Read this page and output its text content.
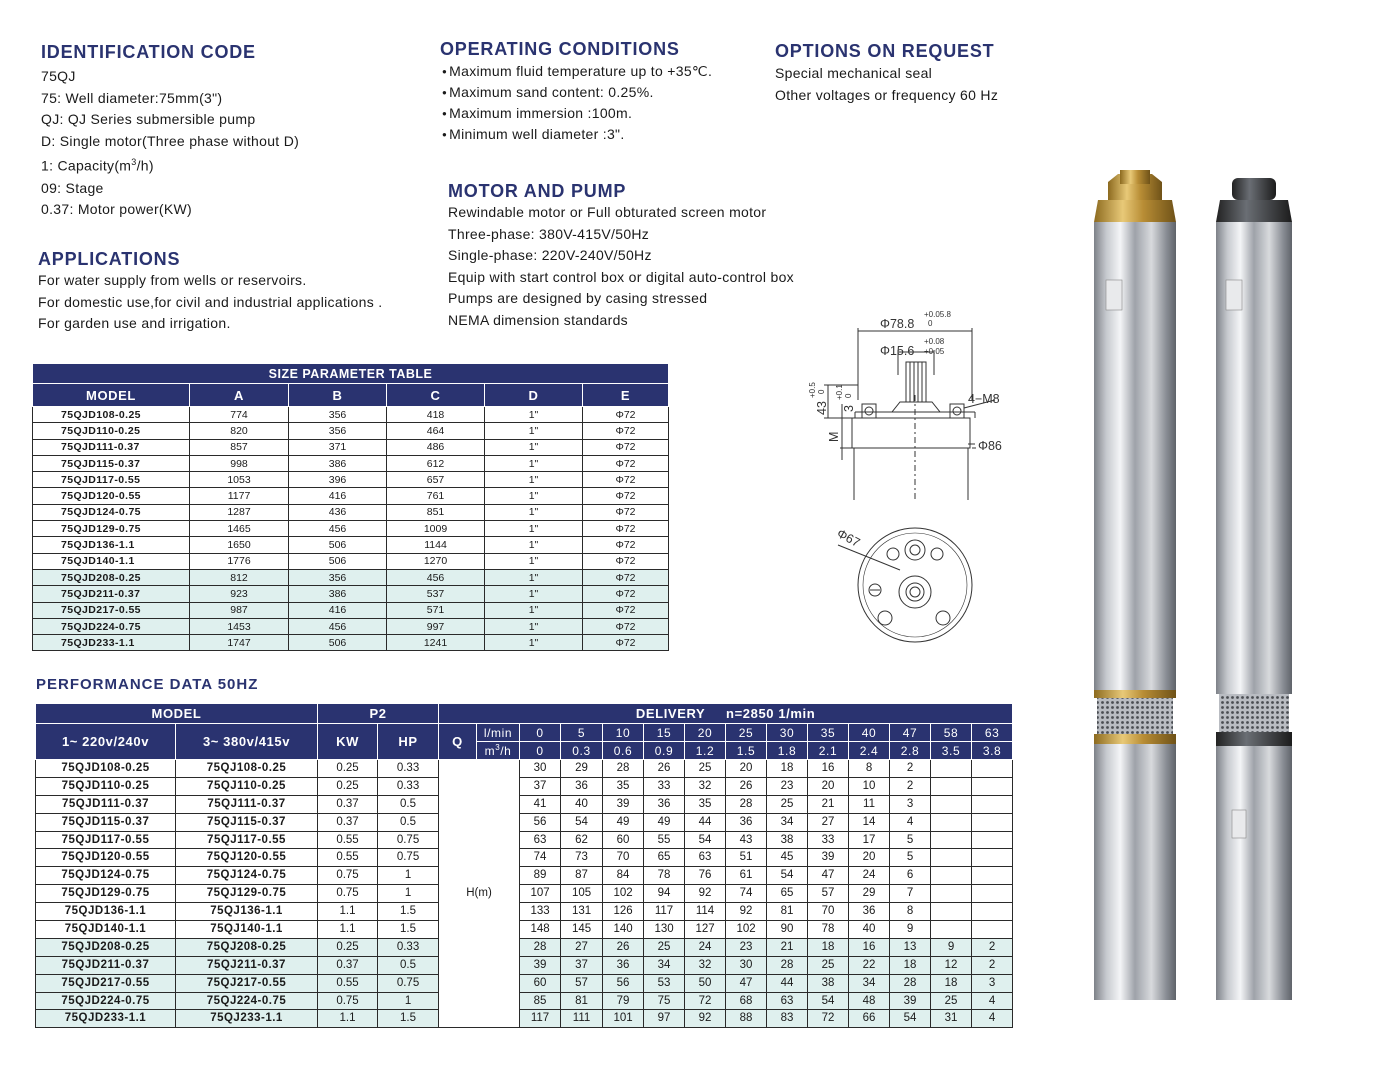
IDENTIFICATION CODE
75QJ
75: Well diameter:75mm(3")
QJ: QJ Series submersible pump
D: Single motor(Three phase without D)
1: $Capacity(m^3/h)$
09: Stage
0.37: Motor power(KW)
APPLICATIONS
For water supply from wells or reservoirs.
For domestic use,for civil and industrial applications .
For garden use and irrigation.
OPERATING CONDITIONS
● Maximum fluid temperature up to +35℃.
● Maximum sand content: 0.25%.
● Maximum immersion :100m.
● Minimum well diameter :3".
OPTIONS ON REQUEST
Special mechanical seal
Other voltages or frequency 60 Hz
MOTOR AND PUMP
Rewindable motor or Full obturated screen motor
Three-phase: 380V-415V/50Hz
Single-phase: 220V-240V/50Hz
Equip with start control box or digital auto-control box
Pumps are designed by casing stressed
NEMA dimension standards	Φ78.8
+0.05.8
0
Φ15.6
+0.08
+0.05
4−M8
Φ86
43
+0.5 0
3
+0.1 0
M
Φ67
SIZE PARAMETER TABLE					
MODEL	A	B	C	D	E
75QJD108-0.25	774	356	418	1"	Φ72
75QJD110-0.25	820	356	464	1"	Φ72
75QJD111-0.37	857	371	486	1"	Φ72
75QJD115-0.37	998	386	612	1"	Φ72
75QJD117-0.55	1053	396	657	1"	Φ72
75QJD120-0.55	1177	416	761	1"	Φ72
75QJD124-0.75	1287	436	851	1"	Φ72
75QJD129-0.75	1465	456	1009	1"	Φ72
75QJD136-1.1	1650	506	1144	1"	Φ72
75QJD140-1.1	1776	506	1270	1"	Φ72
75QJD208-0.25	812	356	456	1"	Φ72
75QJD211-0.37	923	386	537	1"	Φ72
75QJD217-0.55	987	416	571	1"	Φ72
75QJD224-0.75	1453	456	997	1"	Φ72
75QJD233-1.1	1747	506	1241	1"	Φ72
PERFORMANCE DATA 50HZ
MODEL		P2		DELIVERY     n=2850 1/min													
1~ 220v/240v	3~ 380v/415v	KW	HP	Q	l/min	0	5	10	15	20	25	30	35	40	47	58	63
					$m^3/h$	0	0.3	0.6	0.9	1.2	1.5	1.8	2.1	2.4	2.8	3.5	3.8
75QJD108-0.25	75QJ108-0.25	0.25	0.33	H(m)		30	29	28	26	25	20	18	16	8	2		
75QJD110-0.25	75QJ110-0.25	0.25	0.33			37	36	35	33	32	26	23	20	10	2		
75QJD111-0.37	75QJ111-0.37	0.37	0.5			41	40	39	36	35	28	25	21	11	3		
75QJD115-0.37	75QJ115-0.37	0.37	0.5			56	54	49	49	44	36	34	27	14	4		
75QJD117-0.55	75QJ117-0.55	0.55	0.75			63	62	60	55	54	43	38	33	17	5		
75QJD120-0.55	75QJ120-0.55	0.55	0.75			74	73	70	65	63	51	45	39	20	5		
75QJD124-0.75	75QJ124-0.75	0.75	1			89	87	84	78	76	61	54	47	24	6		
75QJD129-0.75	75QJ129-0.75	0.75	1			107	105	102	94	92	74	65	57	29	7		
75QJD136-1.1	75QJ136-1.1	1.1	1.5			133	131	126	117	114	92	81	70	36	8		
75QJD140-1.1	75QJ140-1.1	1.1	1.5			148	145	140	130	127	102	90	78	40	9		
75QJD208-0.25	75QJ208-0.25	0.25	0.33			28	27	26	25	24	23	21	18	16	13	9	2
75QJD211-0.37	75QJ211-0.37	0.37	0.5			39	37	36	34	32	30	28	25	22	18	12	2
75QJD217-0.55	75QJ217-0.55	0.55	0.75			60	57	56	53	50	47	44	38	34	28	18	3
75QJD224-0.75	75QJ224-0.75	0.75	1			85	81	79	75	72	68	63	54	48	39	25	4
75QJD233-1.1	75QJ233-1.1	1.1	1.5			117	111	101	97	92	88	83	72	66	54	31	4
